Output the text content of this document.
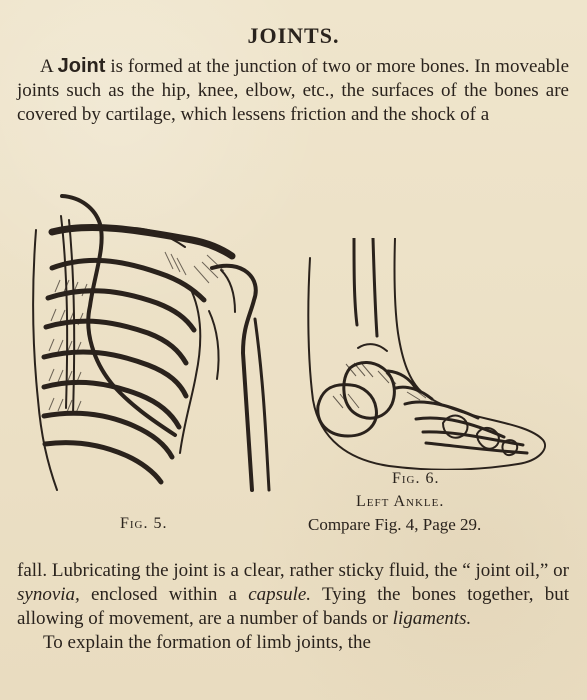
JOINTS.

A Joint is formed at the junction of two or more bones. In moveable joints such as the hip, knee, elbow, etc., the surfaces of the bones are covered by cartilage, which lessens friction and the shock of a

Fig. 5.
Fig. 6.
Left Ankle.
Compare Fig. 4, Page 29.

fall. Lubricating the joint is a clear, rather sticky fluid, the “ joint oil,” or synovia, enclosed within a capsule. Tying the bones together, but allowing of movement, are a number of bands or ligaments.

To explain the formation of limb joints, the
